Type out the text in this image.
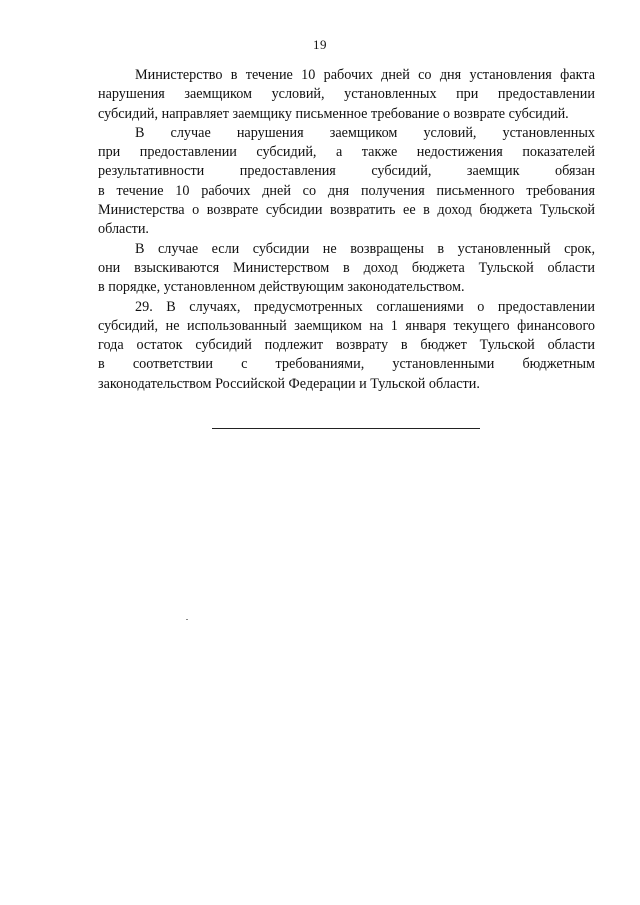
19
Министерство в течение 10 рабочих дней со дня установления факта
нарушения заемщиком условий, установленных при предоставлении
субсидий, направляет заемщику письменное требование о возврате субсидий.
В случае нарушения заемщиком условий, установленных
при предоставлении субсидий, а также недостижения показателей
результативности предоставления субсидий, заемщик обязан
в течение 10 рабочих дней со дня получения письменного требования
Министерства о возврате субсидии возвратить ее в доход бюджета Тульской
области.
В случае если субсидии не возвращены в установленный срок,
они взыскиваются Министерством в доход бюджета Тульской области
в порядке, установленном действующим законодательством.
29. В случаях, предусмотренных соглашениями о предоставлении
субсидий, не использованный заемщиком на 1 января текущего финансового
года остаток субсидий подлежит возврату в бюджет Тульской области
в соответствии с требованиями, установленными бюджетным
законодательством Российской Федерации и Тульской области.
